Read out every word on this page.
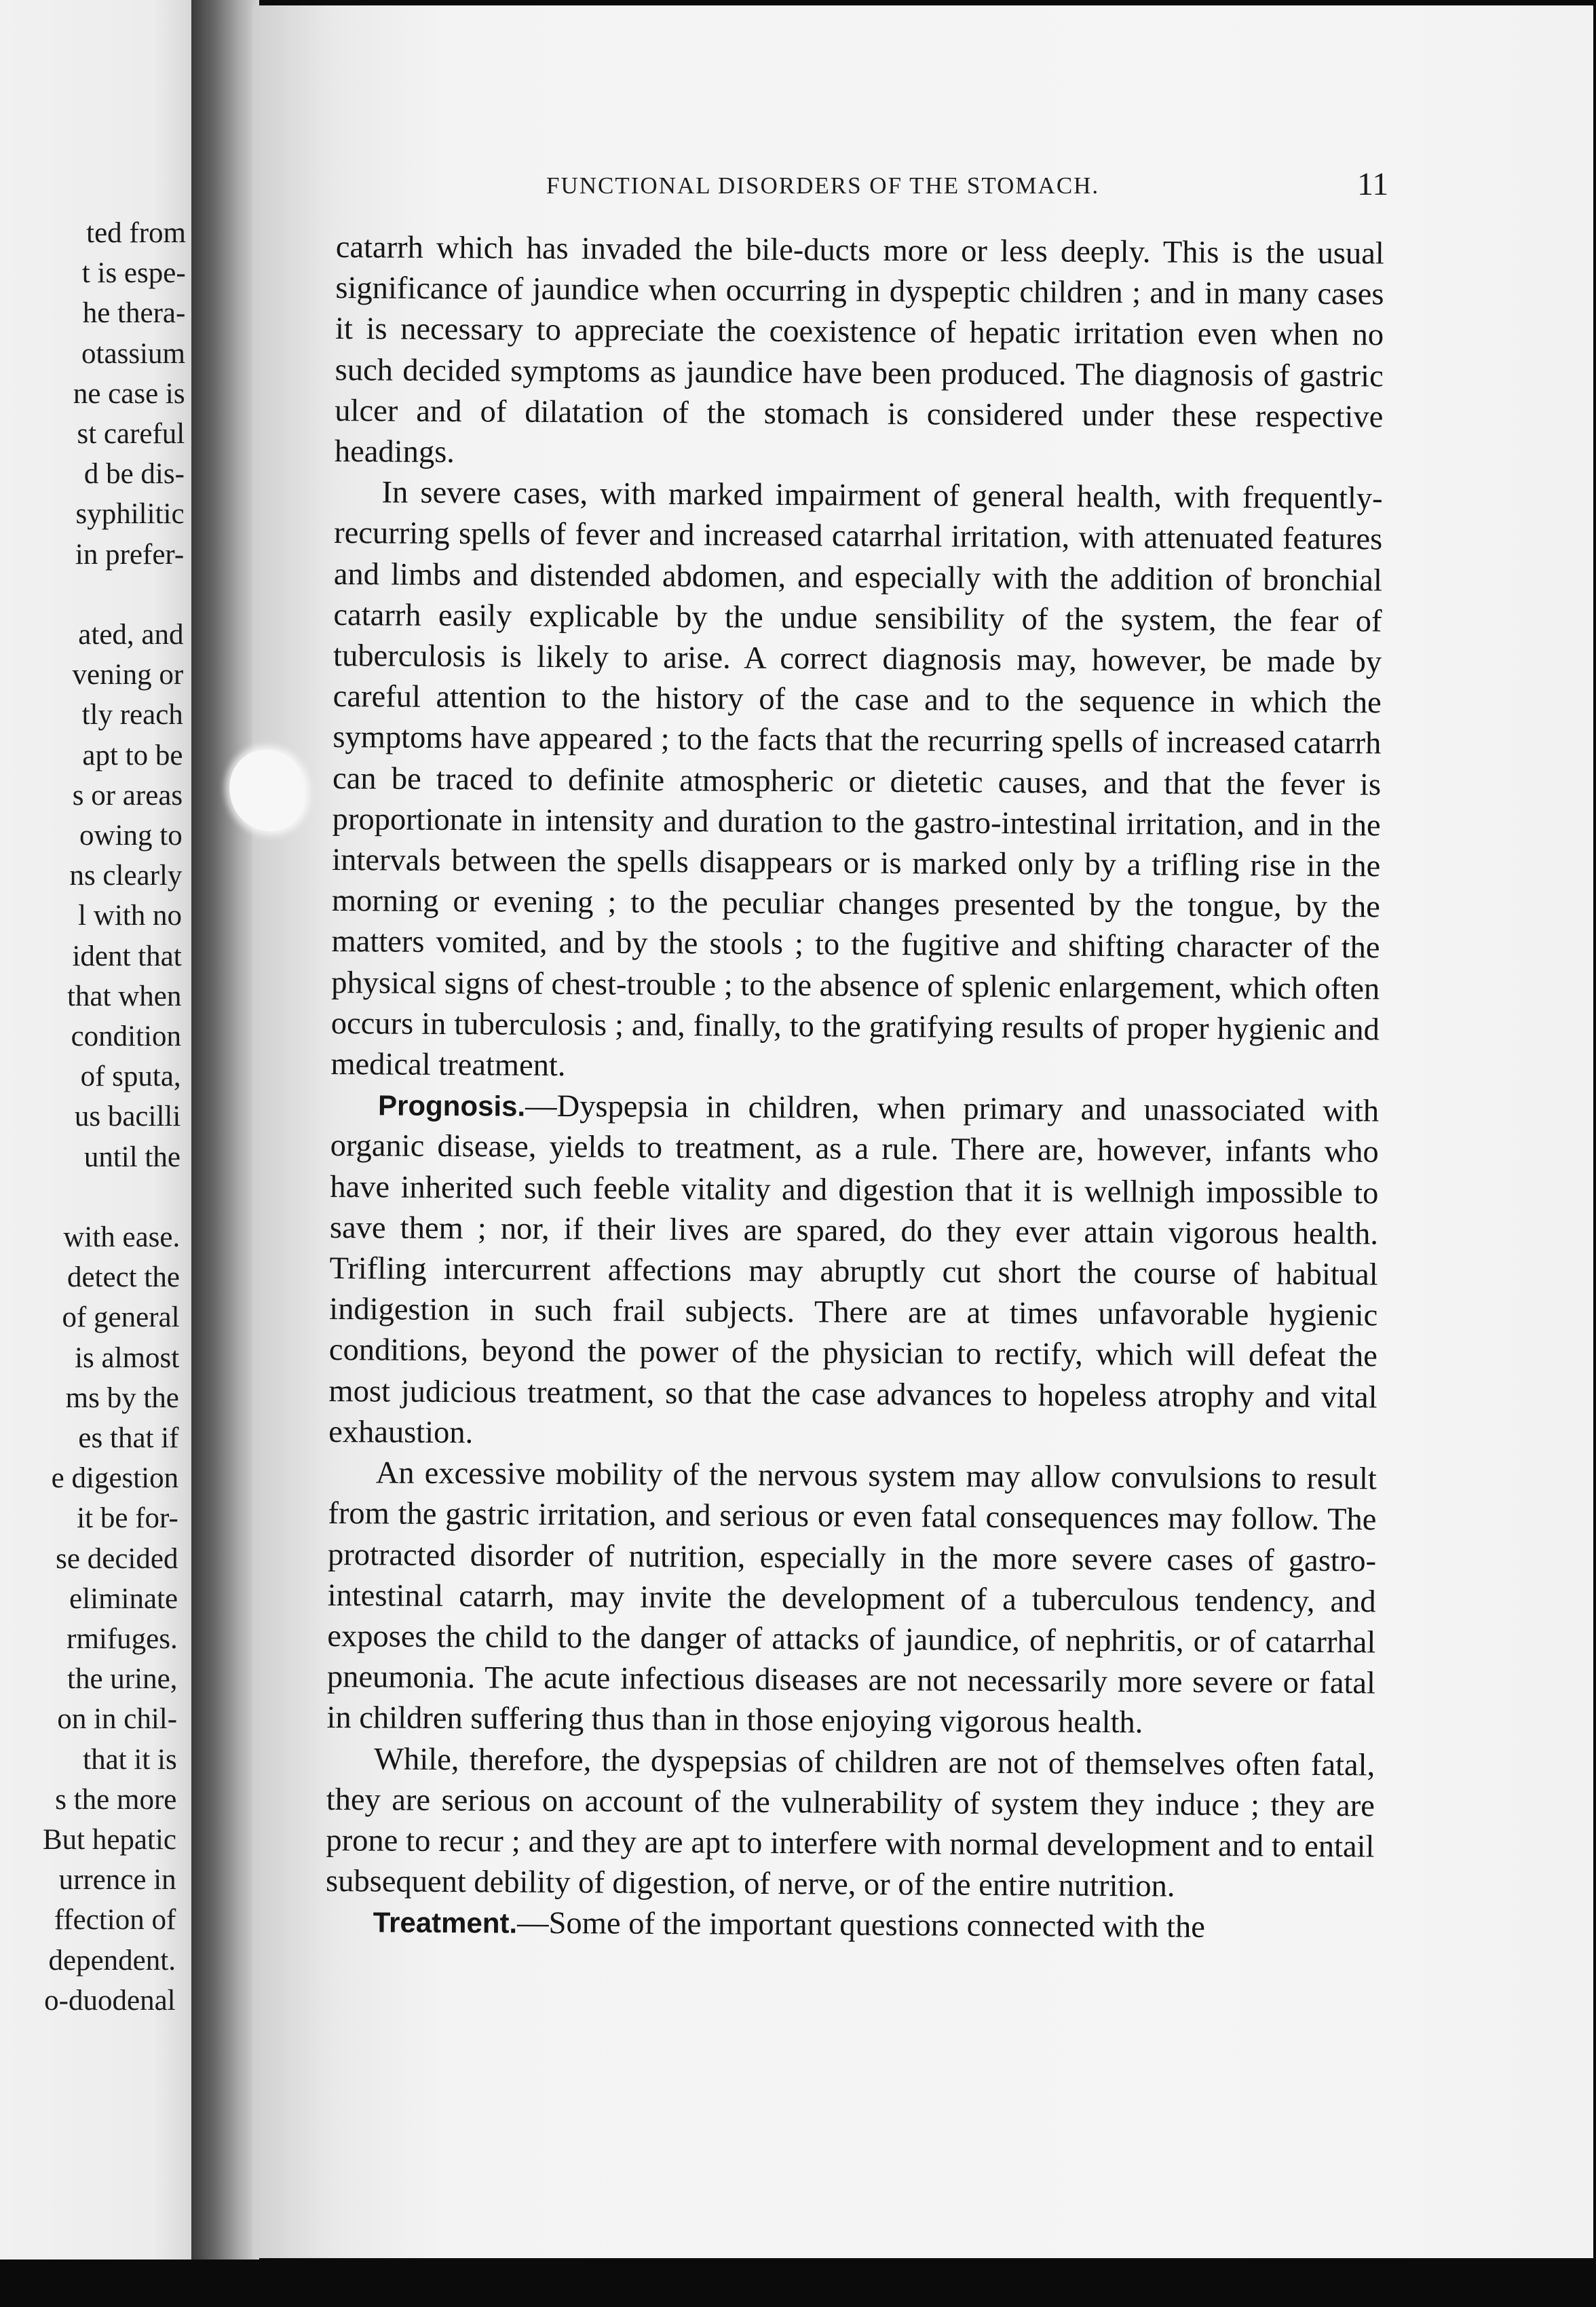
ted from
t is espe-
he thera-
otassium
ne case is
st careful
d be dis-
syphilitic
in prefer-
ated, and
vening or
tly reach
apt to be
s or areas
owing to
ns clearly
l with no
ident that
that when
condition
of sputa,
us bacilli
until the
with ease.
detect the
of general
is almost
ms by the
es that if
e digestion
it be for-
se decided
eliminate
rmifuges.
the urine,
on in chil-
that it is
s the more
But hepatic
urrence in
ffection of
dependent.
o-duodenal
FUNCTIONAL DISORDERS OF THE STOMACH.	11

catarrh which has invaded the bile-ducts more or less deeply. This is the usual significance of jaundice when occurring in dyspeptic children ; and in many cases it is necessary to appreciate the coexistence of hepatic irritation even when no such decided symptoms as jaundice have been produced. The diagnosis of gastric ulcer and of dilatation of the stomach is considered under these respective headings.

In severe cases, with marked impairment of general health, with frequently-recurring spells of fever and increased catarrhal irritation, with attenuated features and limbs and distended abdomen, and especially with the addition of bronchial catarrh easily explicable by the undue sensibility of the system, the fear of tuberculosis is likely to arise. A correct diagnosis may, however, be made by careful attention to the history of the case and to the sequence in which the symptoms have appeared ; to the facts that the recurring spells of increased catarrh can be traced to definite atmospheric or dietetic causes, and that the fever is proportionate in intensity and duration to the gastro-intestinal irritation, and in the intervals between the spells disappears or is marked only by a trifling rise in the morning or evening ; to the peculiar changes presented by the tongue, by the matters vomited, and by the stools ; to the fugitive and shifting character of the physical signs of chest-trouble ; to the absence of splenic enlargement, which often occurs in tuberculosis ; and, finally, to the gratifying results of proper hygienic and medical treatment.

Prognosis.—Dyspepsia in children, when primary and unassociated with organic disease, yields to treatment, as a rule. There are, however, infants who have inherited such feeble vitality and digestion that it is wellnigh impossible to save them ; nor, if their lives are spared, do they ever attain vigorous health. Trifling intercurrent affections may abruptly cut short the course of habitual indigestion in such frail subjects. There are at times unfavorable hygienic conditions, beyond the power of the physician to rectify, which will defeat the most judicious treatment, so that the case advances to hopeless atrophy and vital exhaustion.

An excessive mobility of the nervous system may allow convulsions to result from the gastric irritation, and serious or even fatal consequences may follow. The protracted disorder of nutrition, especially in the more severe cases of gastro-intestinal catarrh, may invite the development of a tuberculous tendency, and exposes the child to the danger of attacks of jaundice, of nephritis, or of catarrhal pneumonia. The acute infectious diseases are not necessarily more severe or fatal in children suffering thus than in those enjoying vigorous health.

While, therefore, the dyspepsias of children are not of themselves often fatal, they are serious on account of the vulnerability of system they induce ; they are prone to recur ; and they are apt to interfere with normal development and to entail subsequent debility of digestion, of nerve, or of the entire nutrition.

Treatment.—Some of the important questions connected with the
